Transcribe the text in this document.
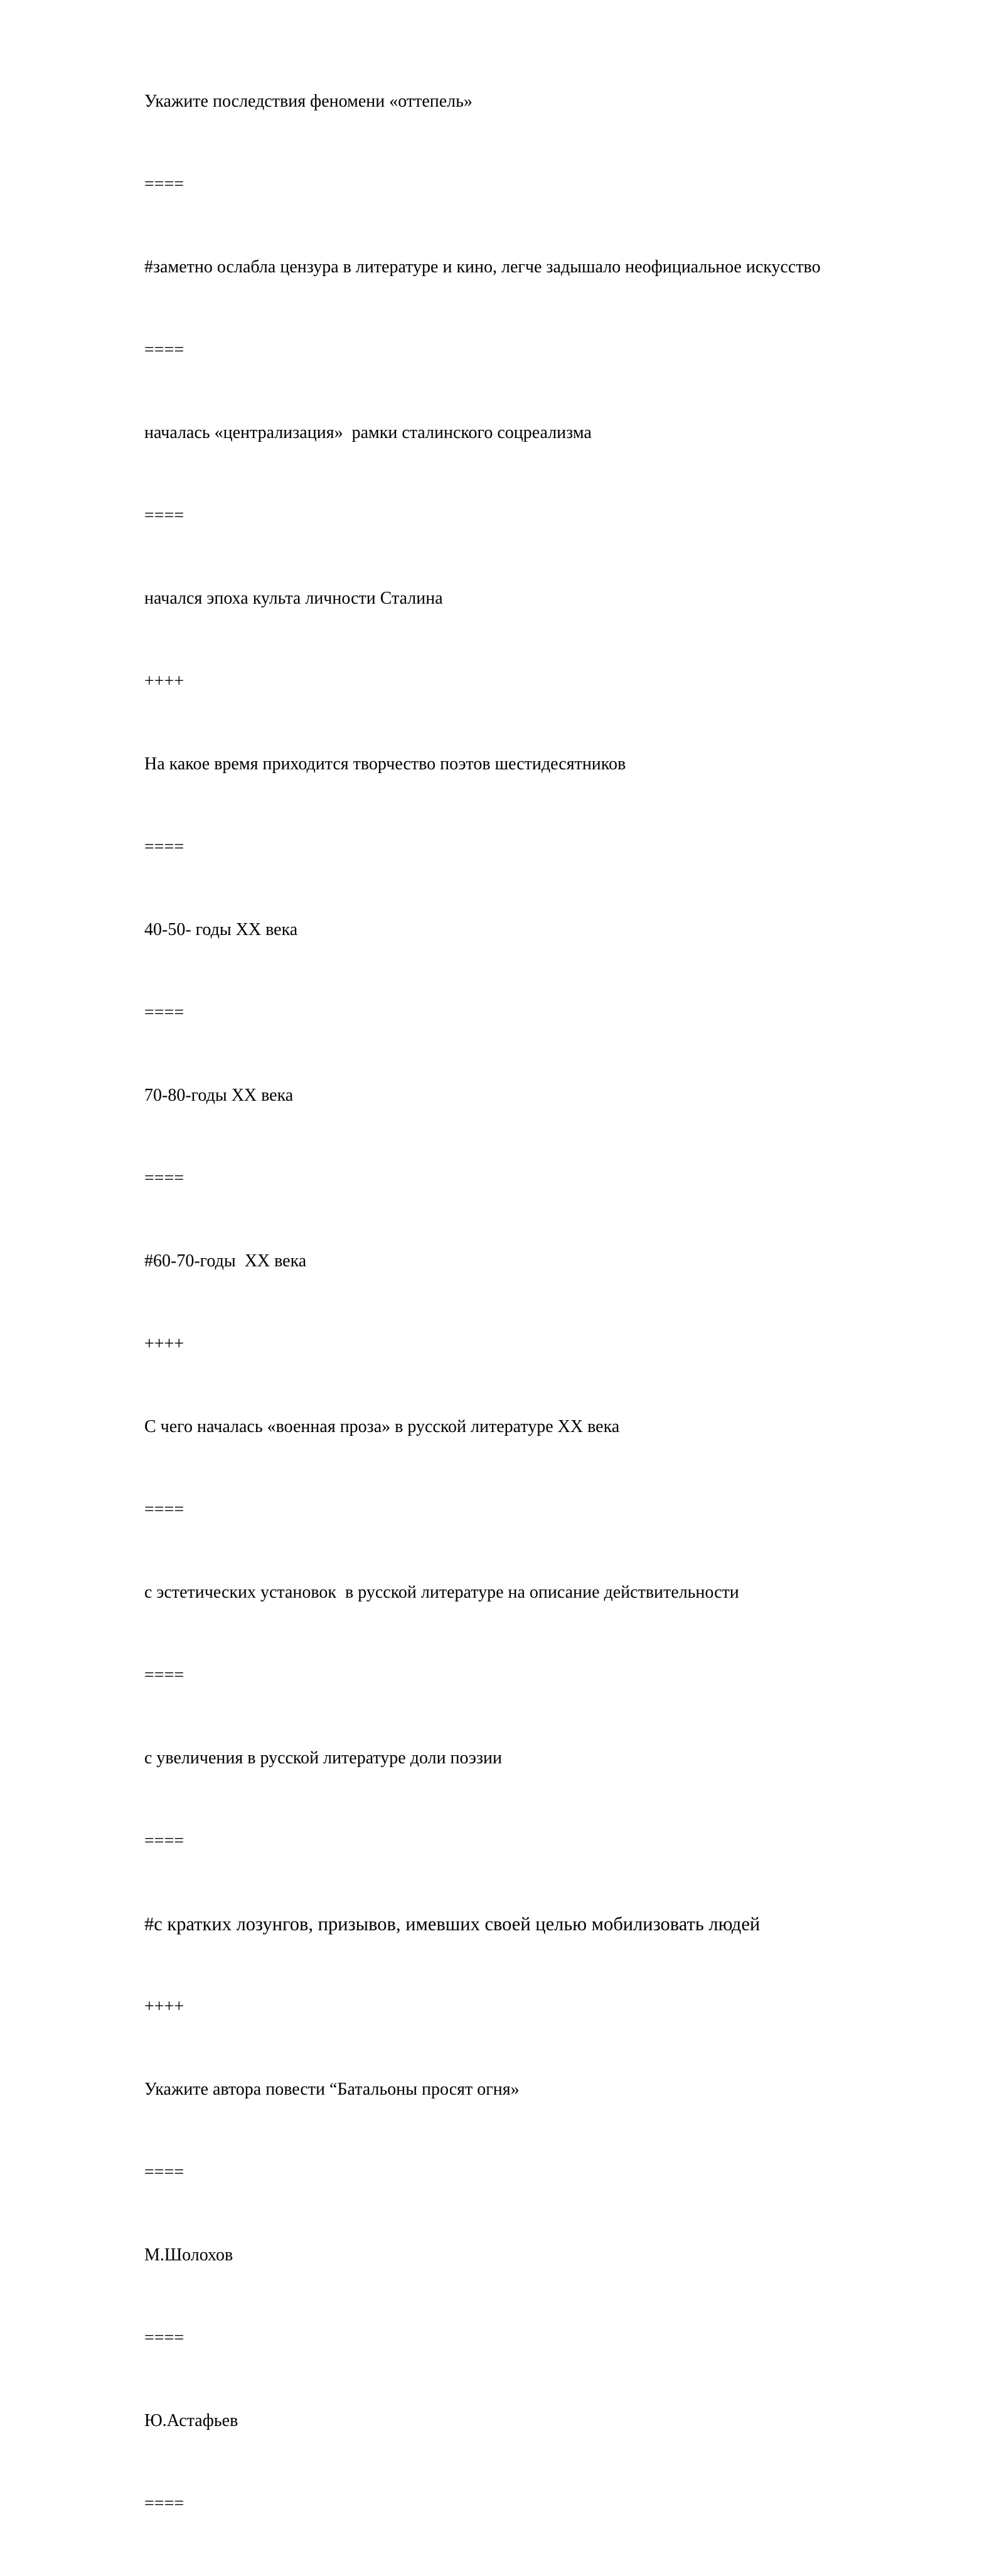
Укажите последствия феномени «оттепель»
====
#заметно ослабла цензура в литературе и кино, легче задышало неофициальное искусство
====
началась «централизация»  рамки сталинского соцреализма
====
начался эпоха культа личности Сталина
++++
На какое время приходится творчество поэтов шестидесятников
====
40-50- годы XX века
====
70-80-годы XX века
====
#60-70-годы  XX века
++++
С чего началась «военная проза» в русской литературе XX века
====
с эстетических установок  в русской литературе на описание действительности
====
с увеличения в русской литературе доли поэзии
====
#с кратких лозунгов, призывов, имевших своей целью мобилизовать людей
++++
Укажите автора повести “Батальоны просят огня»
====
М.Шолохов
====
Ю.Астафьев
====
